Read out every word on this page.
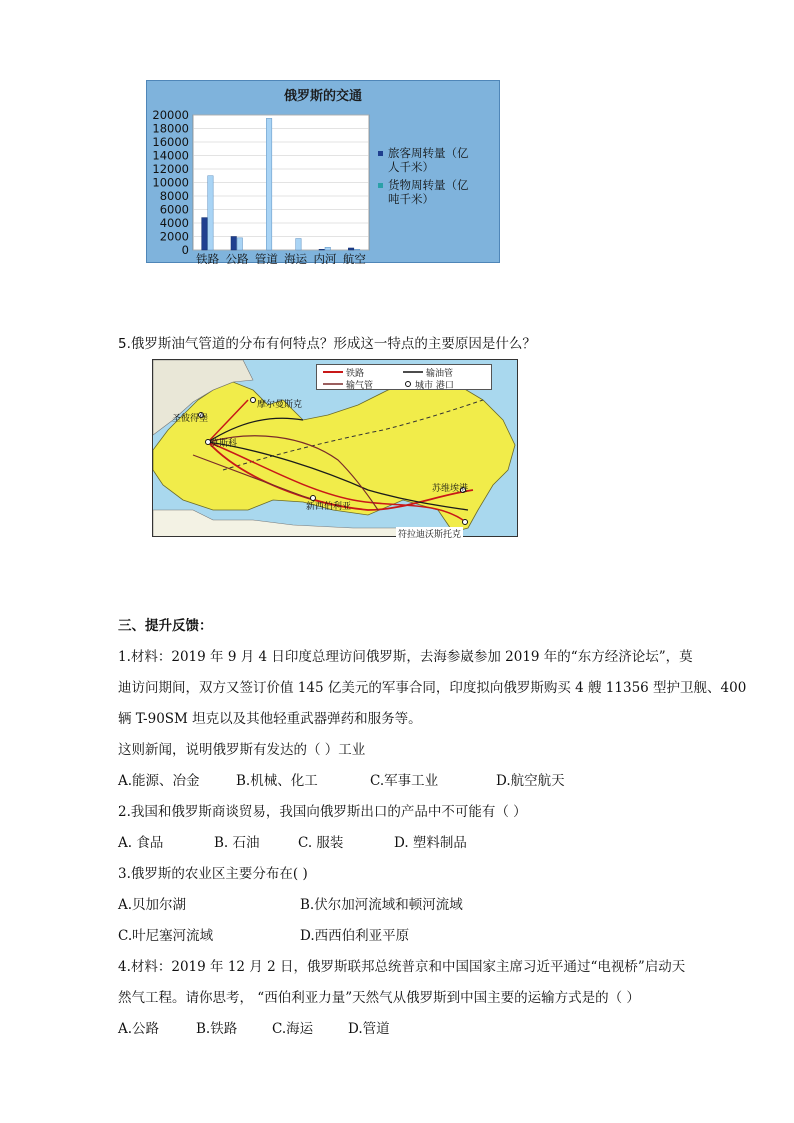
俄罗斯的交通
0
2000
4000
6000
8000
10000
12000
14000
16000
18000
20000
铁路 公路 管道 海运 内河 航空
旅客周转量（亿
人千米）
货物周转量（亿
吨千米）
5.俄罗斯油气管道的分布有何特点？形成这一特点的主要原因是什么？
铁路	输油管
输气管	城市 港口
摩尔曼斯克
圣彼得堡
莫斯科
新西伯利亚
苏维埃港
符拉迪沃斯托克
三、提升反馈：
1.材料：2019 年 9 月 4 日印度总理访问俄罗斯，去海参崴参加 2019 年的“东方经济论坛”，莫
迪访问期间，双方又签订价值 145 亿美元的军事合同，印度拟向俄罗斯购买 4 艘 11356 型护卫舰、400
辆 T-90SM 坦克以及其他轻重武器弹药和服务等。
这则新闻，说明俄罗斯有发达的（ ）工业
A.能源、冶金	B.机械、化工	C.军事工业	D.航空航天
2.我国和俄罗斯商谈贸易，我国向俄罗斯出口的产品中不可能有（ ）
A. 食品	B. 石油	C. 服装	D. 塑料制品
3.俄罗斯的农业区主要分布在( )
A.贝加尔湖	B.伏尔加河流域和顿河流域
C.叶尼塞河流域	D.西西伯利亚平原
4.材料：2019 年 12 月 2 日，俄罗斯联邦总统普京和中国国家主席习近平通过“电视桥”启动天
然气工程。请你思考， “西伯利亚力量”天然气从俄罗斯到中国主要的运输方式是的（ ）
A.公路	B.铁路	C.海运	D.管道
